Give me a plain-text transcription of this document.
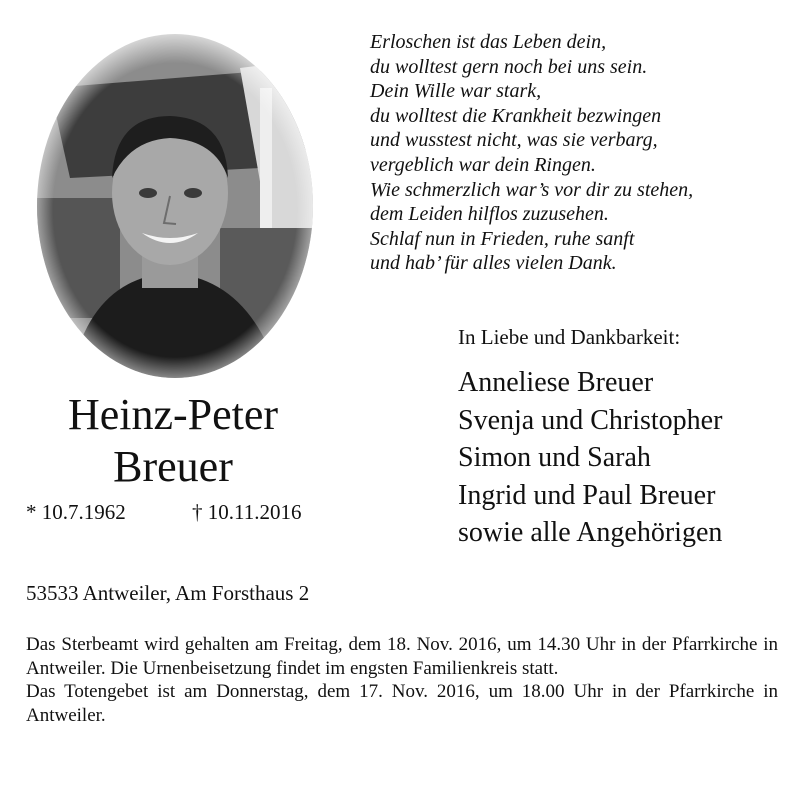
Erloschen ist das Leben dein,
du wolltest gern noch bei uns sein.
Dein Wille war stark,
du wolltest die Krankheit bezwingen
und wusstest nicht, was sie verbarg,
vergeblich war dein Ringen.
Wie schmerzlich war’s vor dir zu stehen,
dem Leiden hilflos zuzusehen.
Schlaf nun in Frieden, ruhe sanft
und hab’ für alles vielen Dank.
In Liebe und Dankbarkeit:
Anneliese Breuer
Svenja und Christopher
Simon und Sarah
Ingrid und Paul Breuer
sowie alle Angehörigen
Heinz-Peter
Breuer
* 10.7.1962	† 10.11.2016
53533 Antweiler, Am Forsthaus 2

Das Sterbeamt wird gehalten am Freitag, dem 18. Nov. 2016, um 14.30 Uhr in der Pfarrkirche in Antweiler. Die Urnenbeisetzung findet im engsten Familienkreis statt.

Das Totengebet ist am Donnerstag, dem 17. Nov. 2016, um 18.00 Uhr in der Pfarrkirche in Antweiler.
